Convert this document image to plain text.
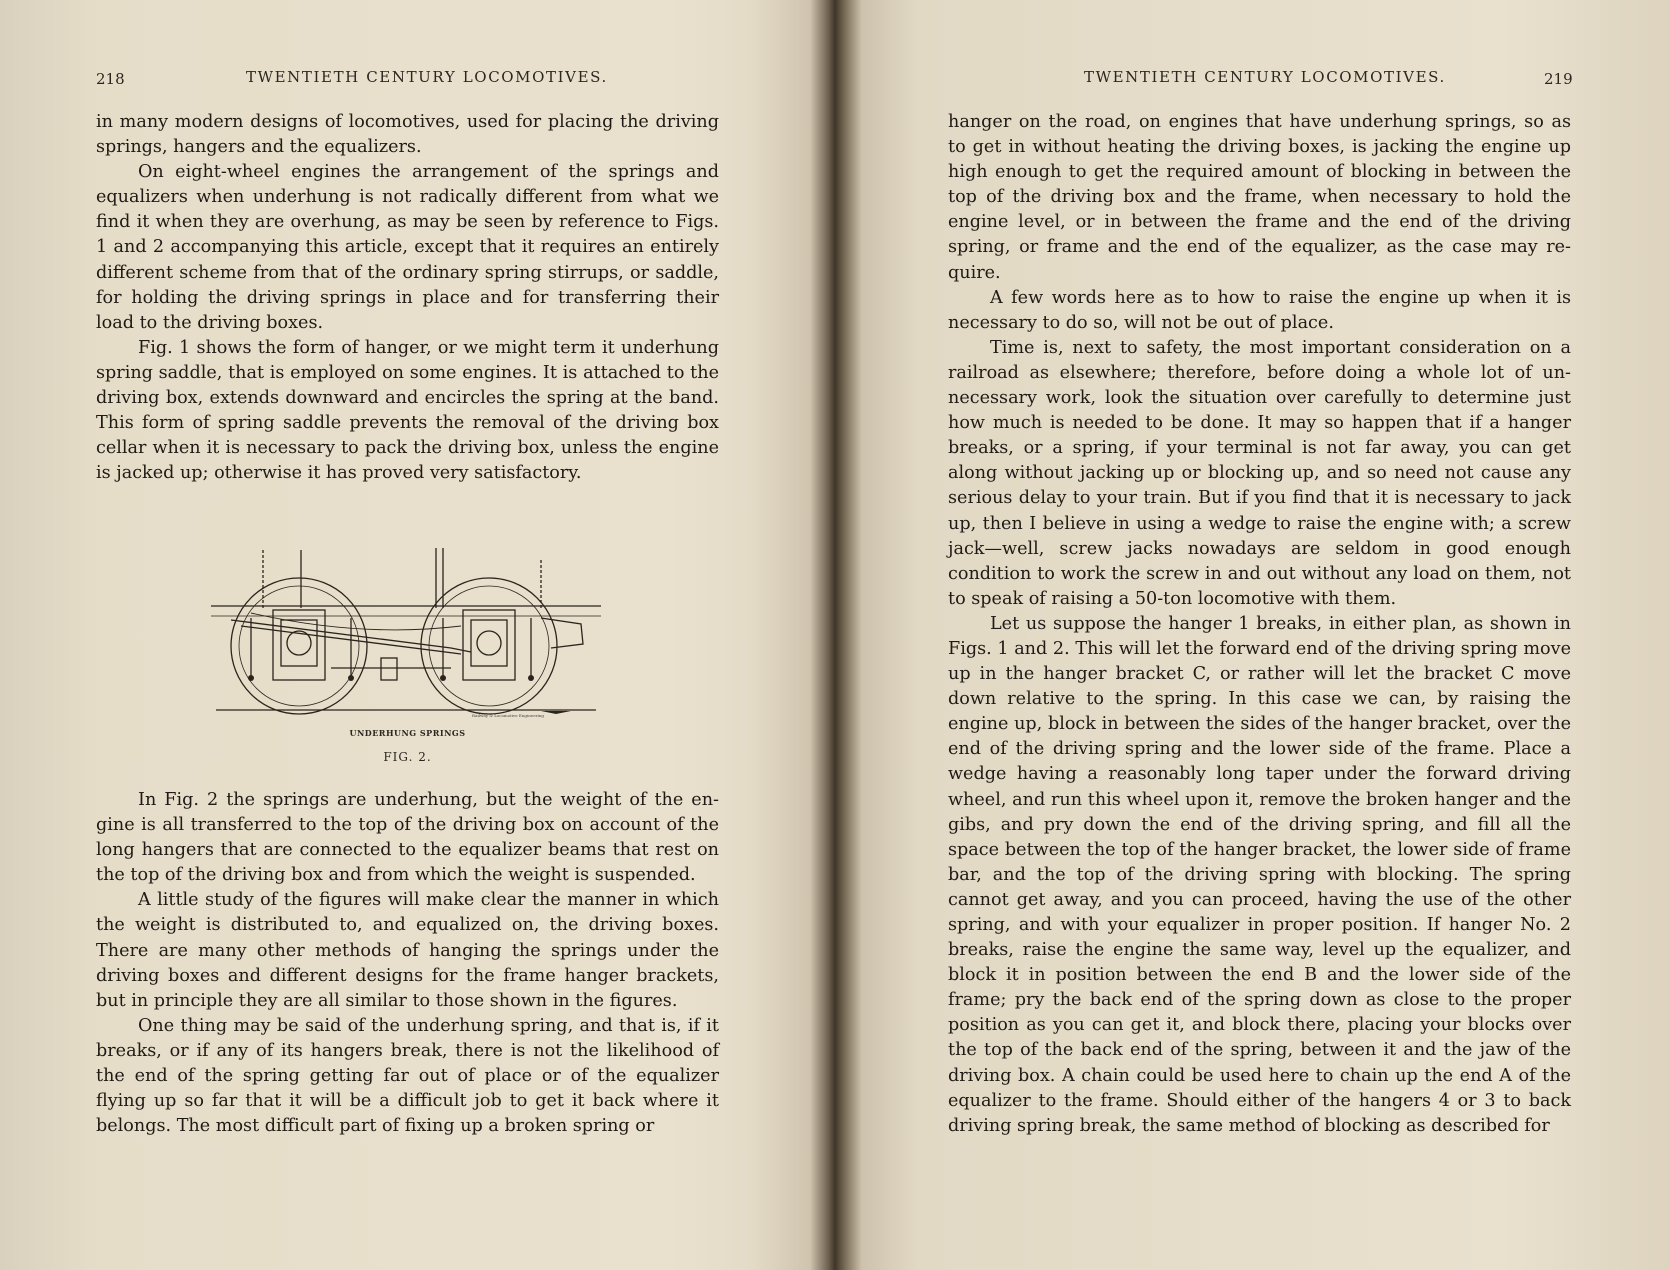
218	TWENTIETH CENTURY LOCOMOTIVES.

in many modern designs of locomotives, used for placing the driving springs, hangers and the equalizers.

On eight-wheel engines the arrangement of the springs and equalizers when underhung is not radically different from what we find it when they are overhung, as may be seen by reference to Figs. 1 and 2 accompanying this article, except that it requires an entirely different scheme from that of the ordinary spring stirrups, or saddle, for holding the driving springs in place and for transferring their load to the driving boxes.

Fig. 1 shows the form of hanger, or we might term it underhung spring saddle, that is employed on some engines. It is attached to the driving box, extends downward and encircles the spring at the band. This form of spring saddle prevents the removal of the driving box cellar when it is necessary to pack the driving box, unless the engine is jacked up; otherwise it has proved very satisfactory.

Railway & Locomotive Engineering
UNDERHUNG SPRINGS
FIG. 2.

In Fig. 2 the springs are underhung, but the weight of the engine is all transferred to the top of the driving box on account of the long hangers that are connected to the equalizer beams that rest on the top of the driving box and from which the weight is suspended.

A little study of the figures will make clear the manner in which the weight is distributed to, and equalized on, the driving boxes. There are many other methods of hanging the springs under the driving boxes and different designs for the frame hanger brackets, but in principle they are all similar to those shown in the figures.

One thing may be said of the underhung spring, and that is, if it breaks, or if any of its hangers break, there is not the likelihood of the end of the spring getting far out of place or of the equalizer flying up so far that it will be a difficult job to get it back where it belongs. The most difficult part of fixing up a broken spring or

TWENTIETH CENTURY LOCOMOTIVES.	219

hanger on the road, on engines that have underhung springs, so as to get in without heating the driving boxes, is jacking the engine up high enough to get the required amount of blocking in between the top of the driving box and the frame, when necessary to hold the engine level, or in between the frame and the end of the driving spring, or frame and the end of the equalizer, as the case may require.

A few words here as to how to raise the engine up when it is necessary to do so, will not be out of place.

Time is, next to safety, the most important consideration on a railroad as elsewhere; therefore, before doing a whole lot of unnecessary work, look the situation over carefully to determine just how much is needed to be done. It may so happen that if a hanger breaks, or a spring, if your terminal is not far away, you can get along without jacking up or blocking up, and so need not cause any serious delay to your train. But if you find that it is necessary to jack up, then I believe in using a wedge to raise the engine with; a screw jack—well, screw jacks nowadays are seldom in good enough condition to work the screw in and out without any load on them, not to speak of raising a 50-ton locomotive with them.

Let us suppose the hanger 1 breaks, in either plan, as shown in Figs. 1 and 2. This will let the forward end of the driving spring move up in the hanger bracket C, or rather will let the bracket C move down relative to the spring. In this case we can, by raising the engine up, block in between the sides of the hanger bracket, over the end of the driving spring and the lower side of the frame. Place a wedge having a reasonably long taper under the forward driving wheel, and run this wheel upon it, remove the broken hanger and the gibs, and pry down the end of the driving spring, and fill all the space between the top of the hanger bracket, the lower side of frame bar, and the top of the driving spring with blocking. The spring cannot get away, and you can proceed, having the use of the other spring, and with your equalizer in proper position. If hanger No. 2 breaks, raise the engine the same way, level up the equalizer, and block it in position between the end B and the lower side of the frame; pry the back end of the spring down as close to the proper position as you can get it, and block there, placing your blocks over the top of the back end of the spring, between it and the jaw of the driving box. A chain could be used here to chain up the end A of the equalizer to the frame. Should either of the hangers 4 or 3 to back driving spring break, the same method of blocking as described for
